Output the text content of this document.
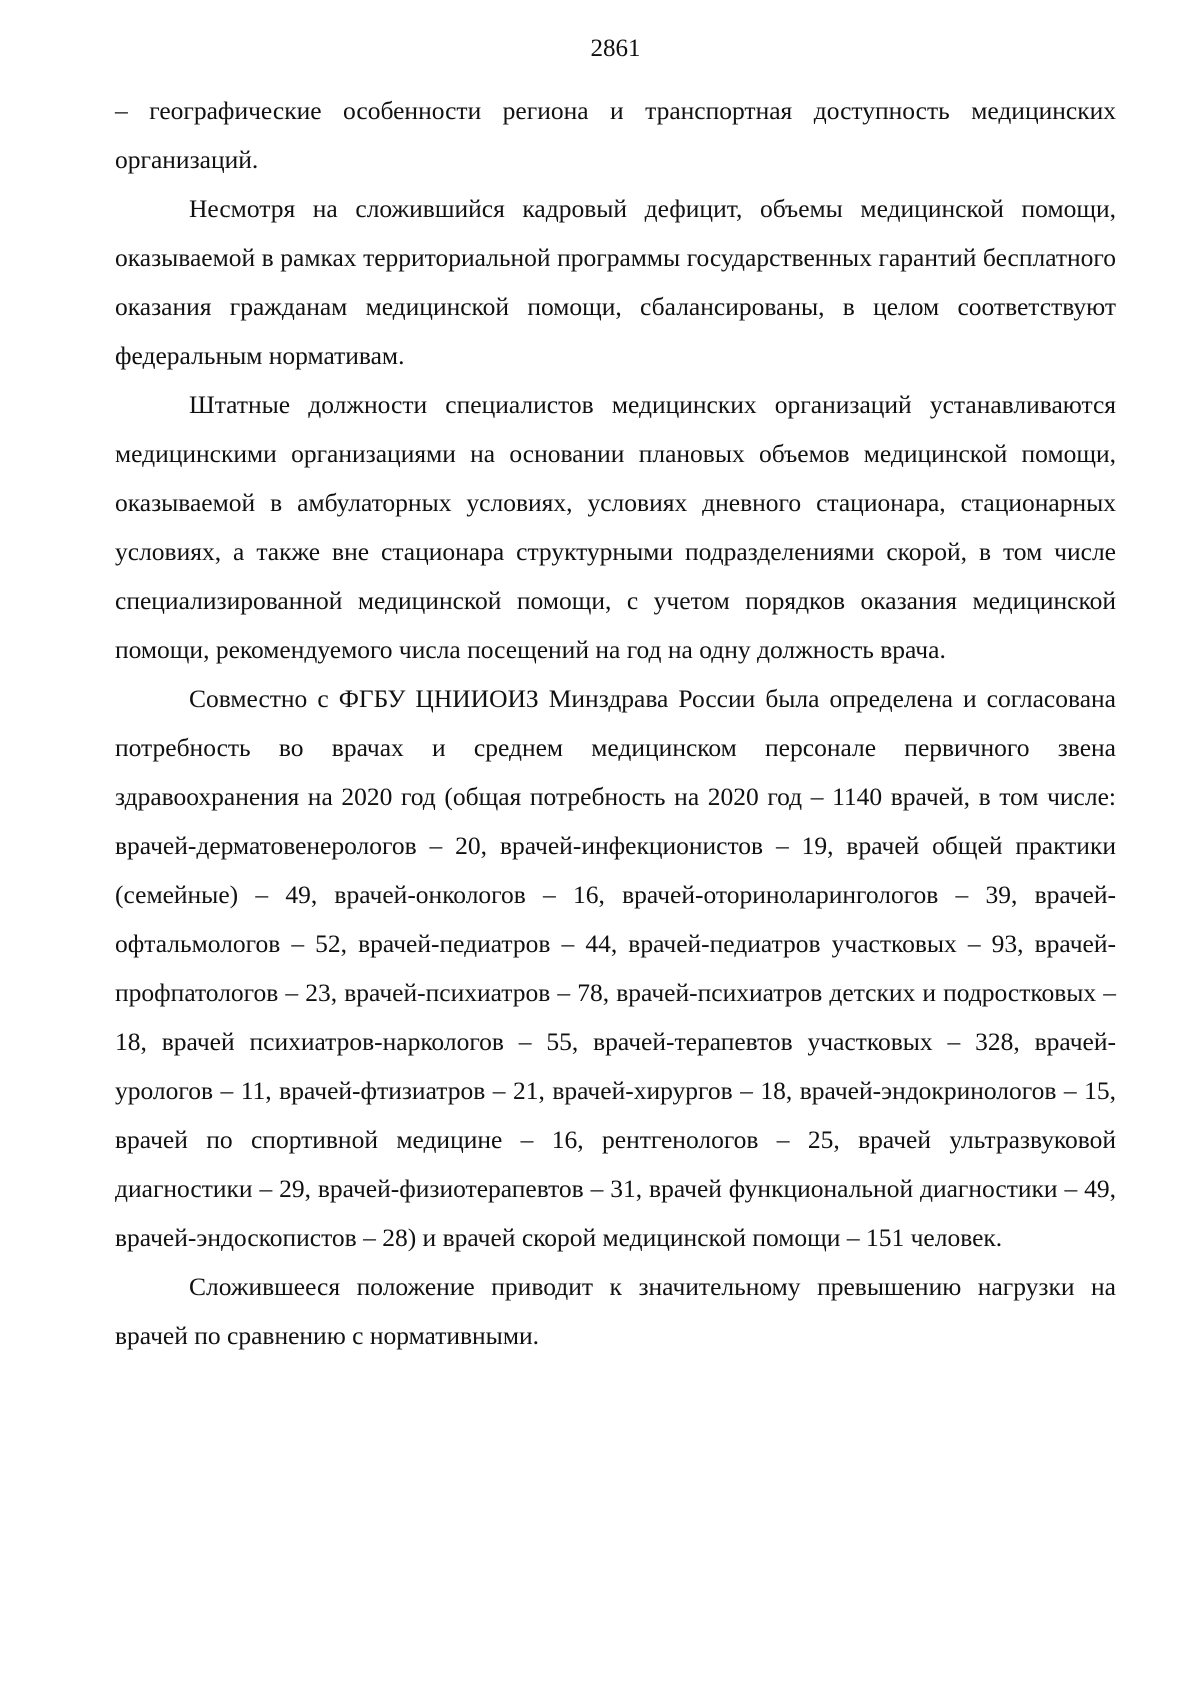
2861

– географические особенности региона и транспортная доступность медицинских организаций.

Несмотря на сложившийся кадровый дефицит, объемы медицинской помощи, оказываемой в рамках территориальной программы государственных гарантий бесплатного оказания гражданам медицинской помощи, сбалансированы, в целом соответствуют федеральным нормативам.

Штатные должности специалистов медицинских организаций устанавливаются медицинскими организациями на основании плановых объемов медицинской помощи, оказываемой в амбулаторных условиях, условиях дневного стационара, стационарных условиях, а также вне стационара структурными подразделениями скорой, в том числе специализированной медицинской помощи, с учетом порядков оказания медицинской помощи, рекомендуемого числа посещений на год на одну должность врача.

Совместно с ФГБУ ЦНИИОИЗ Минздрава России была определена и согласована потребность во врачах и среднем медицинском персонале первичного звена здравоохранения на 2020 год (общая потребность на 2020 год – 1140 врачей, в том числе: врачей-дерматовенерологов – 20, врачей-инфекционистов – 19, врачей общей практики (семейные) – 49, врачей-онкологов – 16, врачей-оториноларингологов – 39, врачей-офтальмологов – 52, врачей-педиатров – 44, врачей-педиатров участковых – 93, врачей-профпатологов – 23, врачей-психиатров – 78, врачей-психиатров детских и подростковых – 18, врачей психиатров-наркологов – 55, врачей-терапевтов участковых – 328, врачей-урологов – 11, врачей-фтизиатров – 21, врачей-хирургов – 18, врачей-эндокринологов – 15, врачей по спортивной медицине – 16, рентгенологов – 25, врачей ультразвуковой диагностики – 29, врачей-физиотерапевтов – 31, врачей функциональной диагностики – 49, врачей-эндоскопистов – 28) и врачей скорой медицинской помощи – 151 человек.

Сложившееся положение приводит к значительному превышению нагрузки на врачей по сравнению с нормативными.
